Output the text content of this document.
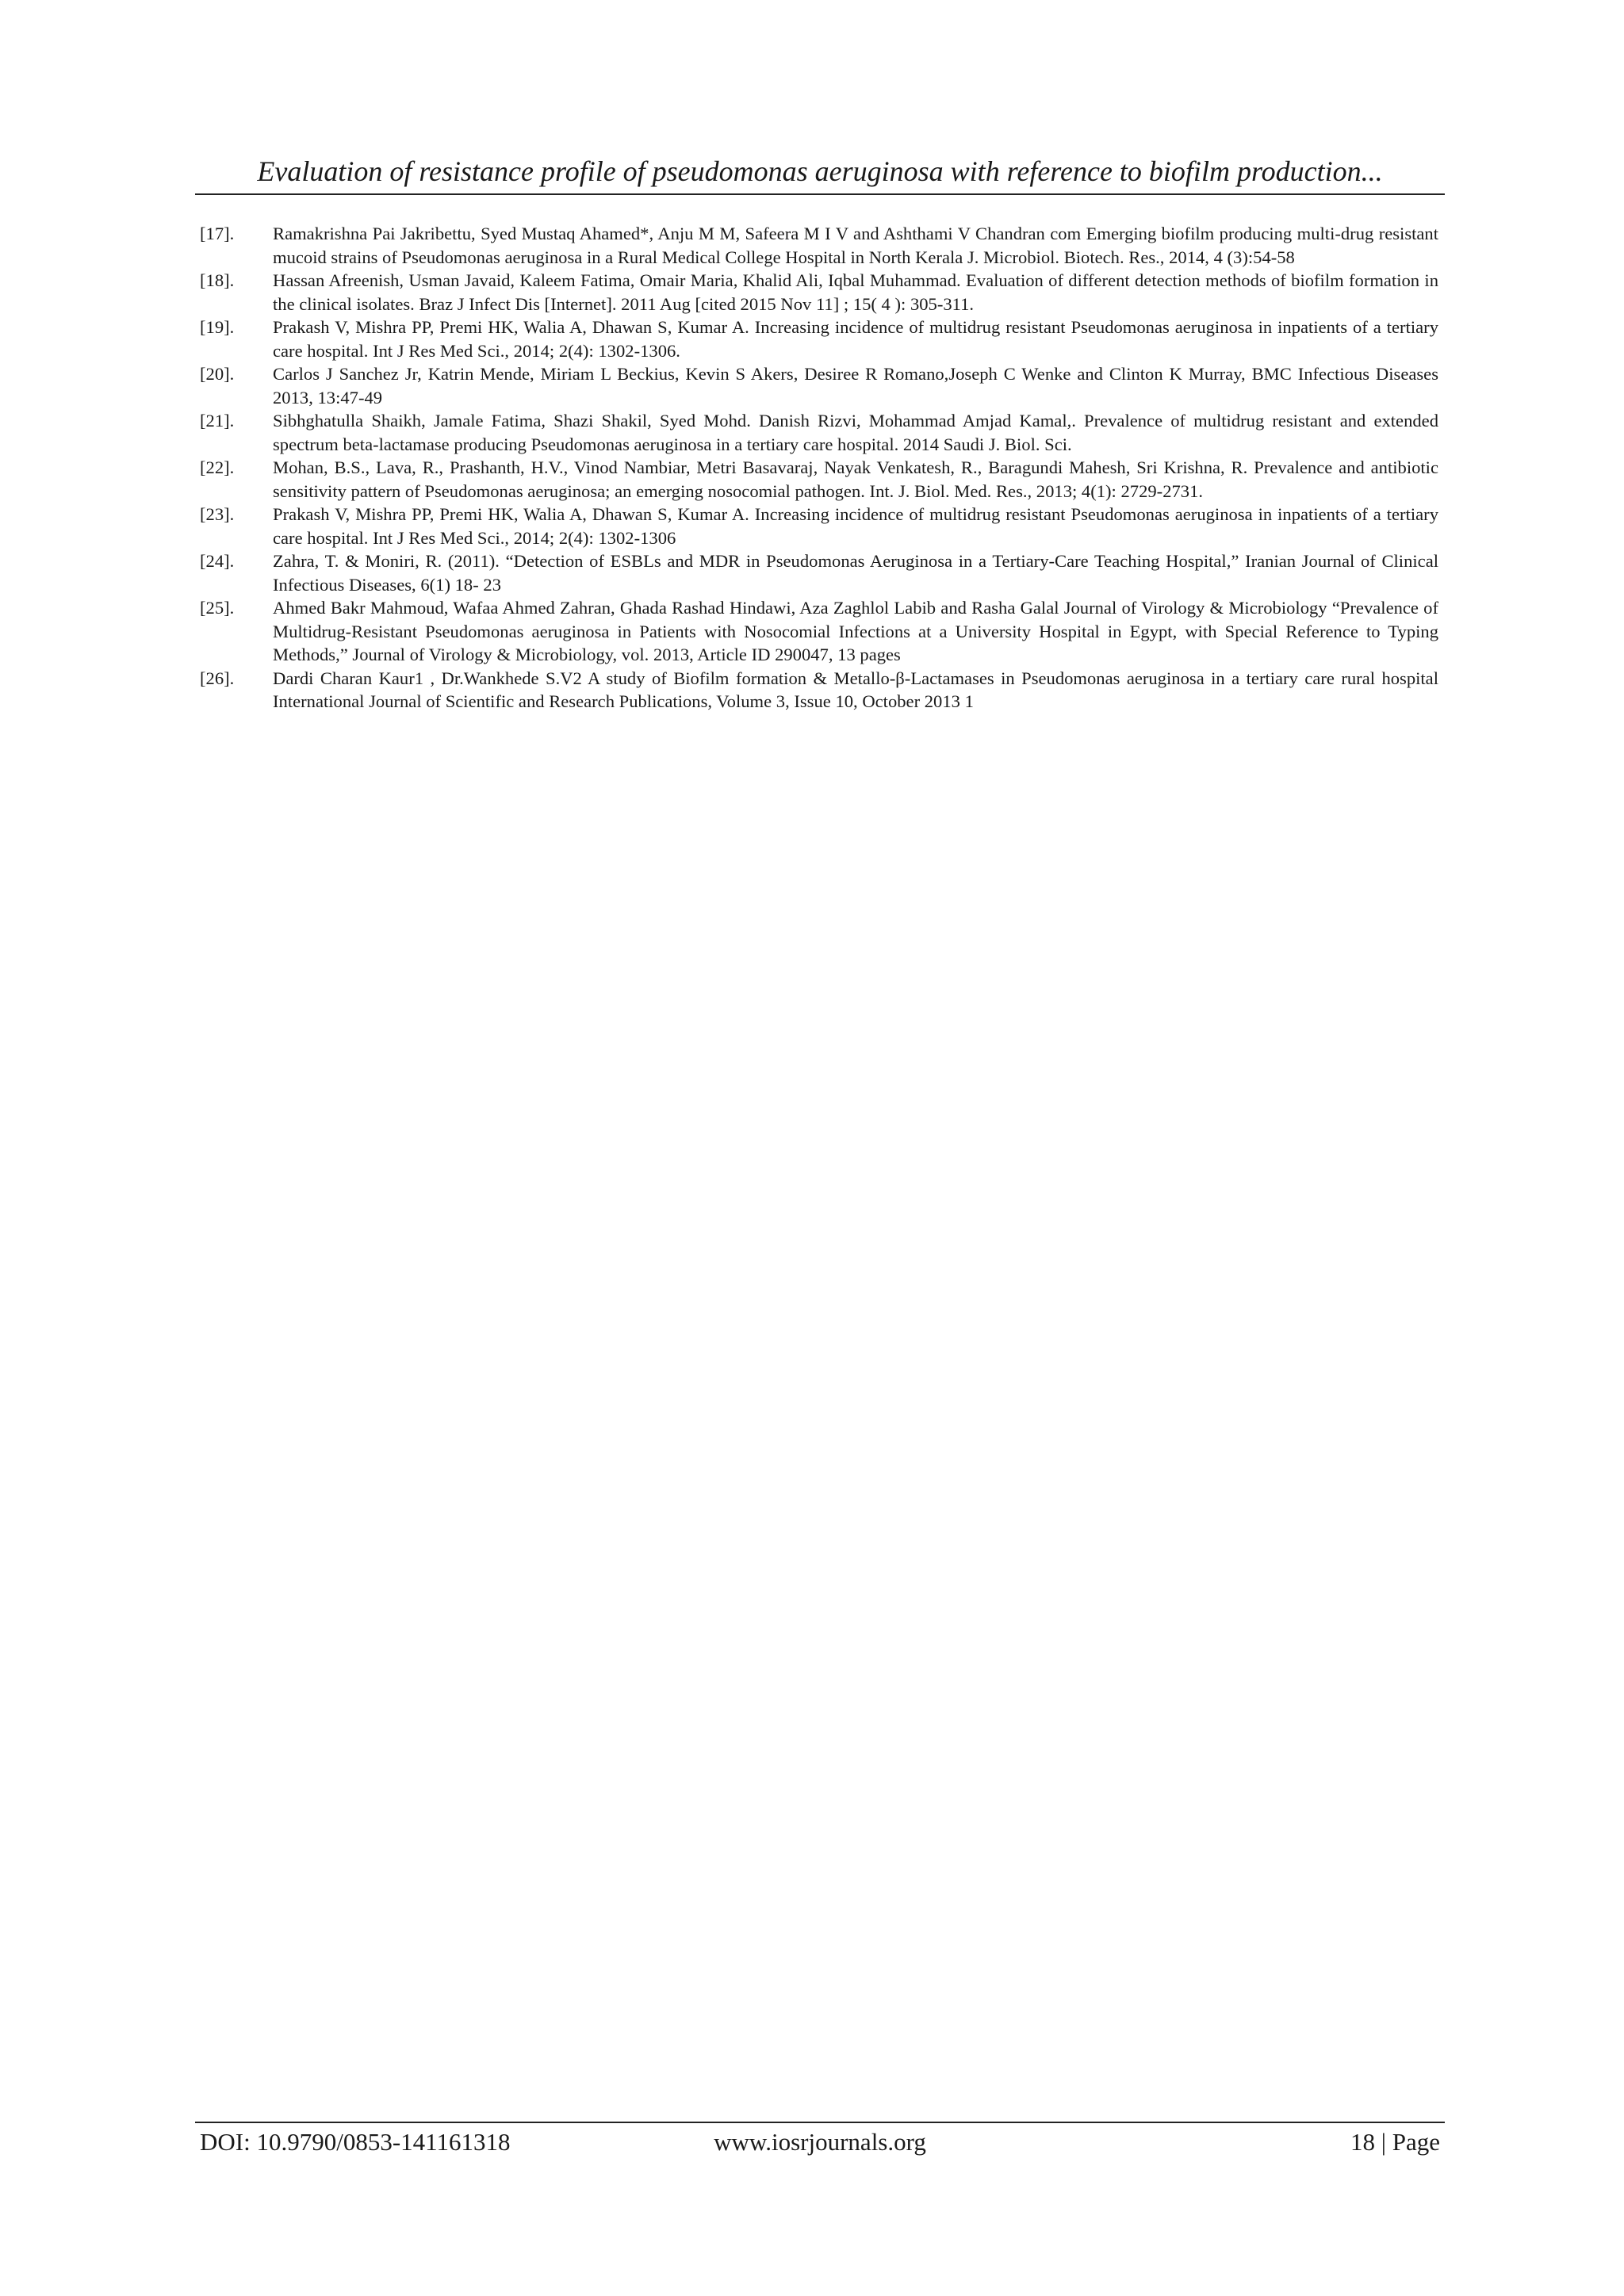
Evaluation of resistance profile of pseudomonas aeruginosa with reference to biofilm production...
[17].	Ramakrishna Pai Jakribettu, Syed Mustaq Ahamed*, Anju M M, Safeera M I V and Ashthami V Chandran com Emerging biofilm producing multi-drug resistant mucoid strains of Pseudomonas aeruginosa in a Rural Medical College Hospital in North Kerala J. Microbiol. Biotech. Res., 2014, 4 (3):54-58
[18].	Hassan Afreenish, Usman Javaid, Kaleem Fatima, Omair Maria, Khalid Ali, Iqbal Muhammad. Evaluation of different detection methods of biofilm formation in the clinical isolates. Braz J Infect Dis [Internet]. 2011 Aug [cited 2015 Nov 11] ; 15( 4 ): 305-311.
[19].	Prakash V, Mishra PP, Premi HK, Walia A, Dhawan S, Kumar A. Increasing incidence of multidrug resistant Pseudomonas aeruginosa in inpatients of a tertiary care hospital. Int J Res Med Sci., 2014; 2(4): 1302-1306.
[20].	Carlos J Sanchez Jr, Katrin Mende, Miriam L Beckius, Kevin S Akers, Desiree R Romano,Joseph C Wenke and Clinton K Murray, BMC Infectious Diseases 2013, 13:47-49
[21].	Sibhghatulla Shaikh, Jamale Fatima, Shazi Shakil, Syed Mohd. Danish Rizvi, Mohammad Amjad Kamal,. Prevalence of multidrug resistant and extended spectrum beta-lactamase producing Pseudomonas aeruginosa in a tertiary care hospital. 2014 Saudi J. Biol. Sci.
[22].	Mohan, B.S., Lava, R., Prashanth, H.V., Vinod Nambiar, Metri Basavaraj, Nayak Venkatesh, R., Baragundi Mahesh, Sri Krishna, R. Prevalence and antibiotic sensitivity pattern of Pseudomonas aeruginosa; an emerging nosocomial pathogen. Int. J. Biol. Med. Res., 2013; 4(1): 2729-2731.
[23].	Prakash V, Mishra PP, Premi HK, Walia A, Dhawan S, Kumar A. Increasing incidence of multidrug resistant Pseudomonas aeruginosa in inpatients of a tertiary care hospital. Int J Res Med Sci., 2014; 2(4): 1302-1306
[24].	Zahra, T. & Moniri, R. (2011). “Detection of ESBLs and MDR in Pseudomonas Aeruginosa in a Tertiary-Care Teaching Hospital,” Iranian Journal of Clinical Infectious Diseases, 6(1) 18- 23
[25].	Ahmed Bakr Mahmoud, Wafaa Ahmed Zahran, Ghada Rashad Hindawi, Aza Zaghlol Labib and Rasha Galal Journal of Virology & Microbiology “Prevalence of Multidrug-Resistant Pseudomonas aeruginosa in Patients with Nosocomial Infections at a University Hospital in Egypt, with Special Reference to Typing Methods,” Journal of Virology & Microbiology, vol. 2013, Article ID 290047, 13 pages
[26].	Dardi Charan Kaur1 , Dr.Wankhede S.V2 A study of Biofilm formation & Metallo-β-Lactamases in Pseudomonas aeruginosa in a tertiary care rural hospital International Journal of Scientific and Research Publications, Volume 3, Issue 10, October 2013 1
DOI: 10.9790/0853-141161318	www.iosrjournals.org	18 | Page
